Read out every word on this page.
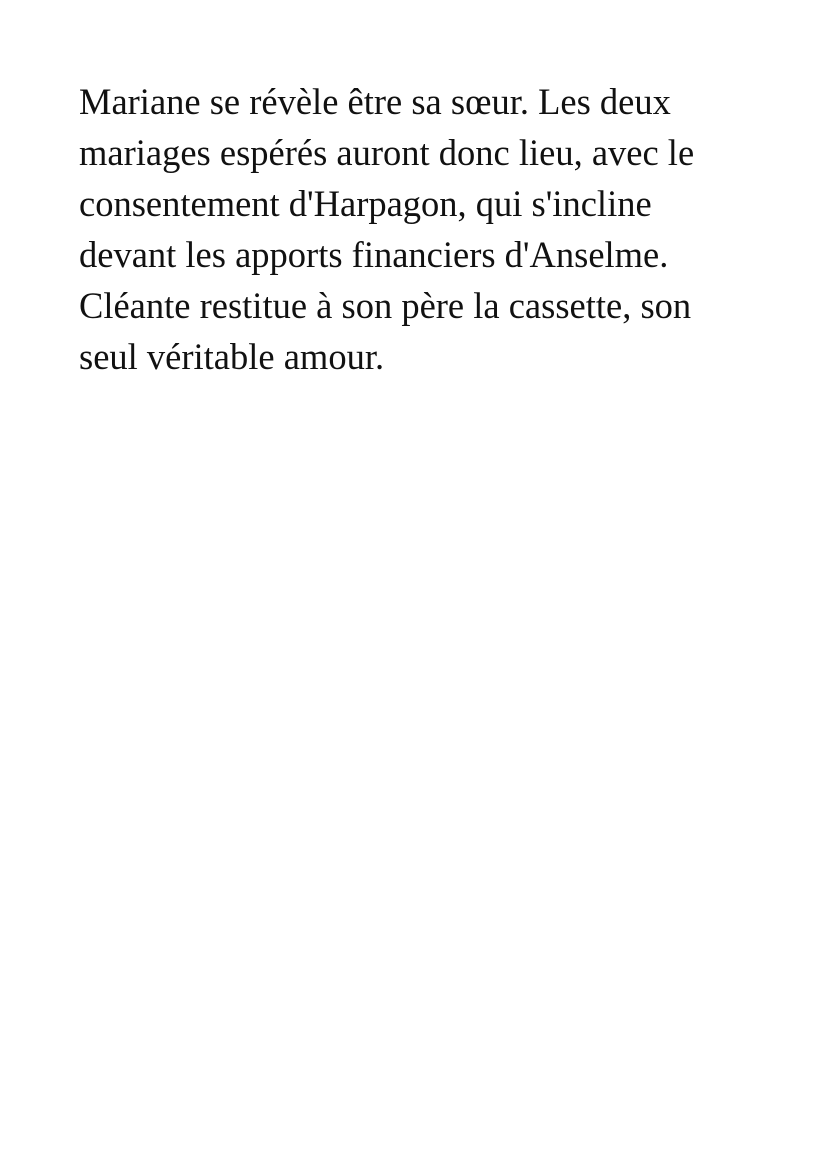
Mariane se révèle être sa sœur. Les deux
mariages espérés auront donc lieu, avec le
consentement d'Harpagon, qui s'incline
devant les apports financiers d'Anselme.
Cléante restitue à son père la cassette, son
seul véritable amour.
